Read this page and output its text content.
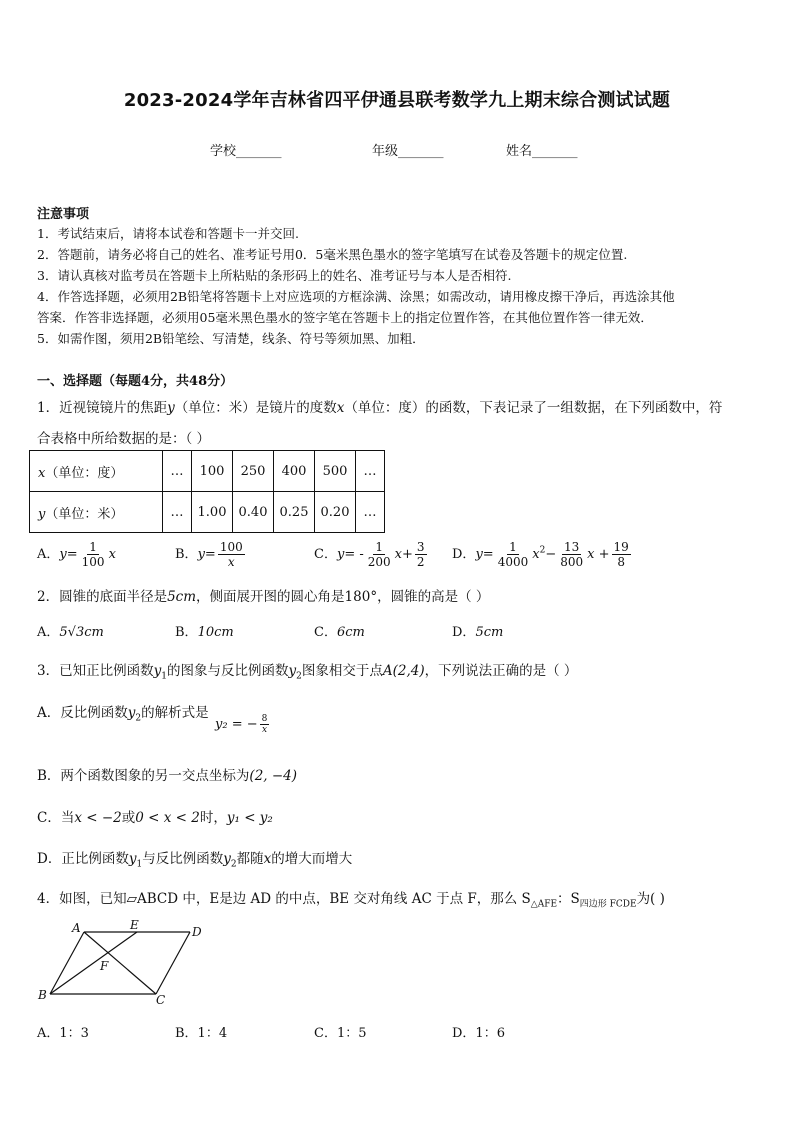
2023-2024学年吉林省四平伊通县联考数学九上期末综合测试试题
学校_______	年级_______	姓名_______
注意事项
1．考试结束后，请将本试卷和答题卡一并交回.
2．答题前，请务必将自己的姓名、准考证号用0．5毫米黑色墨水的签字笔填写在试卷及答题卡的规定位置.
3．请认真核对监考员在答题卡上所粘贴的条形码上的姓名、准考证号与本人是否相符.
4．作答选择题，必须用2B铅笔将答题卡上对应选项的方框涂满、涂黑；如需改动，请用橡皮擦干净后，再选涂其他
答案．作答非选择题，必须用05毫米黑色墨水的签字笔在答题卡上的指定位置作答，在其他位置作答一律无效．
5．如需作图，须用2B铅笔绘、写清楚，线条、符号等须加黑、加粗．
一、选择题（每题4分，共48分）
1．近视镜镜片的焦距y（单位：米）是镜片的度数x（单位：度）的函数，下表记录了一组数据，在下列函数中，符
合表格中所给数据的是：（ ）
x（单位：度）	…	100	250	400	500	…
y（单位：米）	…	1.00	0.40	0.25	0.20	…
A．$y= \frac{1}{100}$ x	B．$y= \frac{100}{x}$	C．$y= - \frac{1}{200} x+ \frac{3}{2}$ D．$y= \frac{1}{4000} x^2- \frac{13}{800}$ $x + \frac{19}{8}$
2．圆锥的底面半径是5cm，侧面展开图的圆心角是180°，圆锥的高是（ ）
A．5√3cm	B．10cm	C．6cm	D．5cm
3．已知正比例函数$y_1$的图象与反比例函数$y_2$图象相交于点A(2,4)，下列说法正确的是（ ）
A．反比例函数$y_2$的解析式是
y₂ = − $\frac{8}{x}$
B．两个函数图象的另一交点坐标为(2, −4)
C．当x < −2或0 < x < 2时，y₁ < y₂
D．正比例函数$y_1$与反比例函数$y_2$都随x的增大而增大
4．如图，已知▱ABCD 中，E是边 AD 的中点，BE 交对角线 AC 于点 F，那么 $S_{\triangle AFE}$：$S_{四边形 FCDE}$为( )
A	E	D
F
B	C
A．1：3	B．1：4	C．1：5	D．1：6
